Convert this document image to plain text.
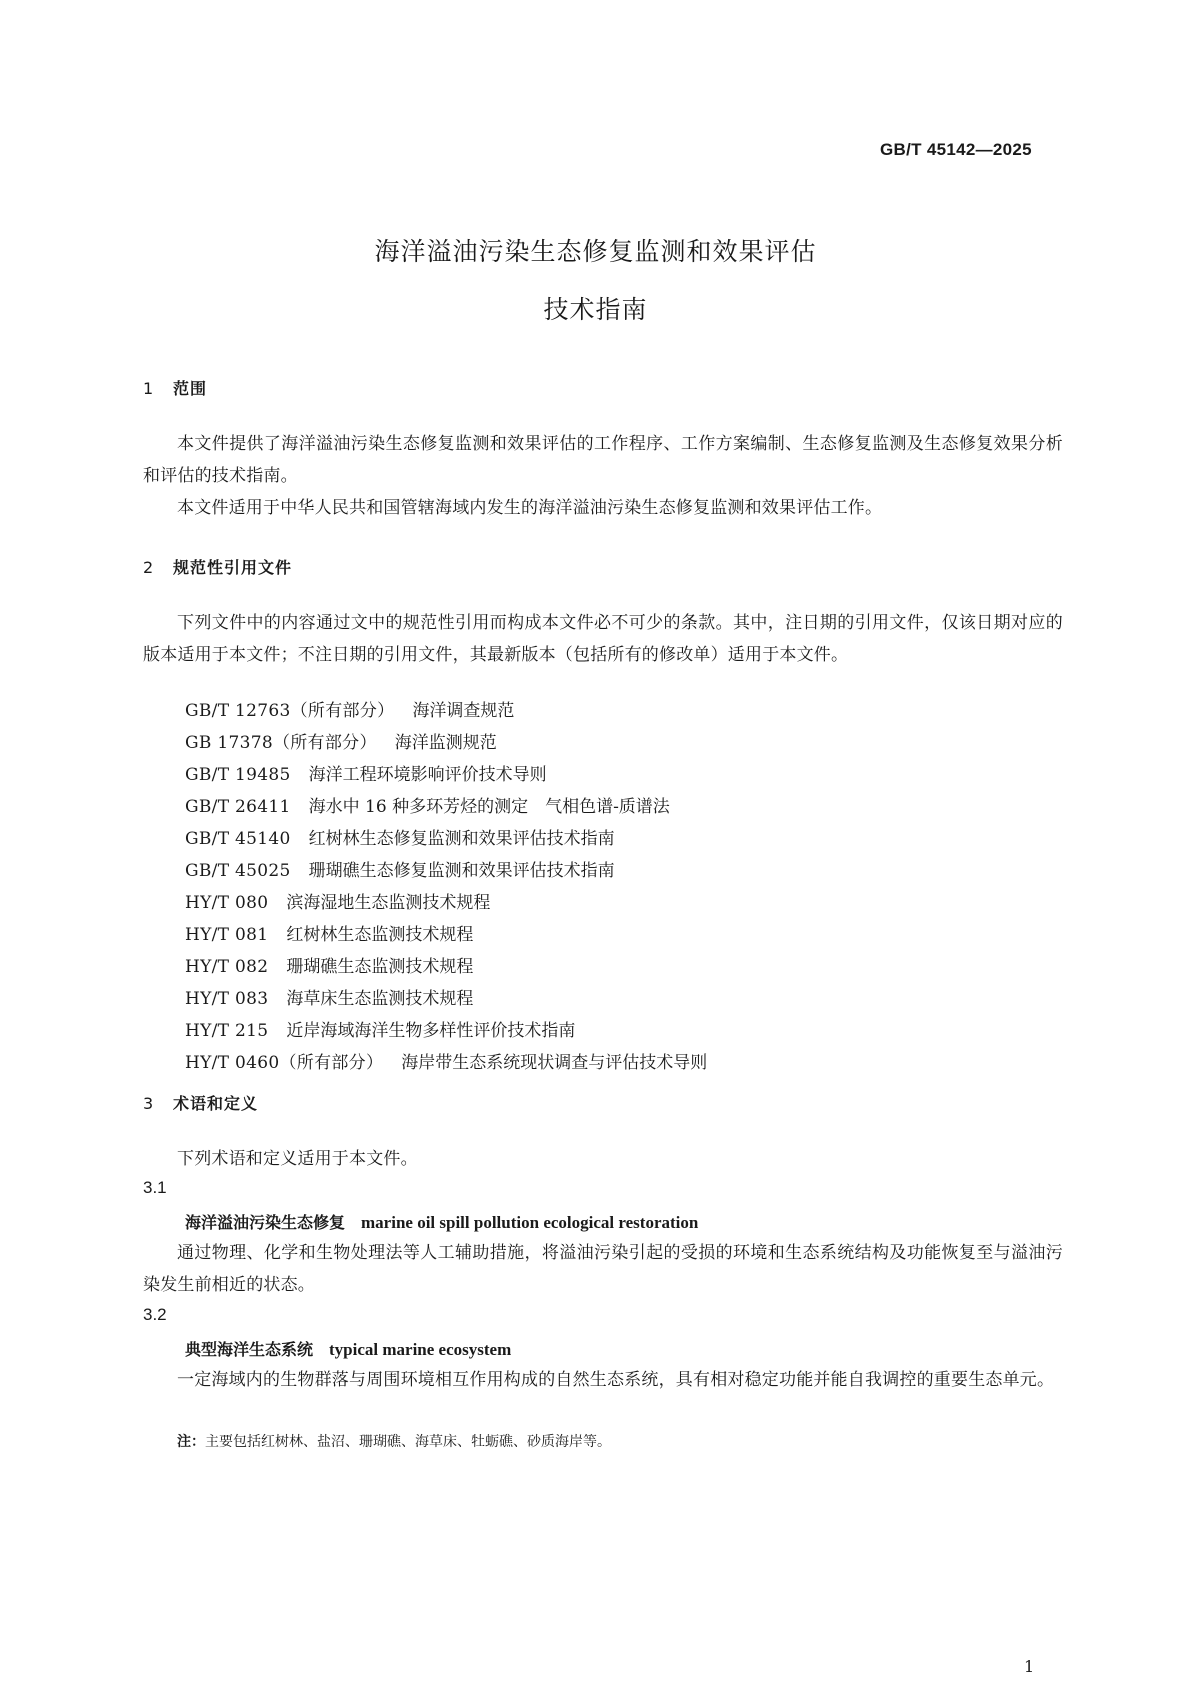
GB/T 45142—2025
海洋溢油污染生态修复监测和效果评估
技术指南
1 范围

本文件提供了海洋溢油污染生态修复监测和效果评估的工作程序、工作方案编制、生态修复监测及生态修复效果分析和评估的技术指南。

本文件适用于中华人民共和国管辖海域内发生的海洋溢油污染生态修复监测和效果评估工作。

2 规范性引用文件

下列文件中的内容通过文中的规范性引用而构成本文件必不可少的条款。其中，注日期的引用文件，仅该日期对应的版本适用于本文件；不注日期的引用文件，其最新版本（包括所有的修改单）适用于本文件。

GB/T 12763（所有部分） 海洋调查规范
GB 17378（所有部分） 海洋监测规范
GB/T 19485 海洋工程环境影响评价技术导则
GB/T 26411 海水中 16 种多环芳烃的测定　气相色谱-质谱法
GB/T 45140 红树林生态修复监测和效果评估技术指南
GB/T 45025 珊瑚礁生态修复监测和效果评估技术指南
HY/T 080 滨海湿地生态监测技术规程
HY/T 081 红树林生态监测技术规程
HY/T 082 珊瑚礁生态监测技术规程
HY/T 083 海草床生态监测技术规程
HY/T 215 近岸海域海洋生物多样性评价技术指南
HY/T 0460（所有部分） 海岸带生态系统现状调查与评估技术导则
3 术语和定义

下列术语和定义适用于本文件。

3.1
海洋溢油污染生态修复 marine oil spill pollution ecological restoration

通过物理、化学和生物处理法等人工辅助措施，将溢油污染引起的受损的环境和生态系统结构及功能恢复至与溢油污染发生前相近的状态。

3.2
典型海洋生态系统 typical marine ecosystem

一定海域内的生物群落与周围环境相互作用构成的自然生态系统，具有相对稳定功能并能自我调控的重要生态单元。

注：主要包括红树林、盐沼、珊瑚礁、海草床、牡蛎礁、砂质海岸等。
1
